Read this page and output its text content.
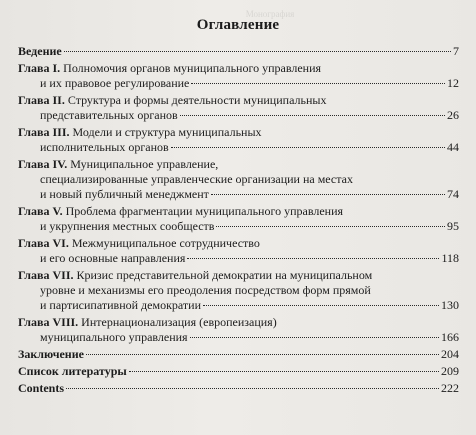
Монография
Оглавление
Ведение	7
Глава I. Полномочия органов муниципального управления
и их правовое регулирование	12
Глава II. Структура и формы деятельности муниципальных
представительных органов	26
Глава III. Модели и структура муниципальных
исполнительных органов	44
Глава IV. Муниципальное управление,
специализированные управленческие организации на местах
и новый публичный менеджмент	74
Глава V. Проблема фрагментации муниципального управления
и укрупнения местных сообществ	95
Глава VI. Межмуниципальное сотрудничество
и его основные направления	118
Глава VII. Кризис представительной демократии на муниципальном
уровне и механизмы его преодоления посредством форм прямой
и партисипативной демократии	130
Глава VIII. Интернационализация (европеизация)
муниципального управления	166
Заключение	204
Список литературы	209
Contents	222
